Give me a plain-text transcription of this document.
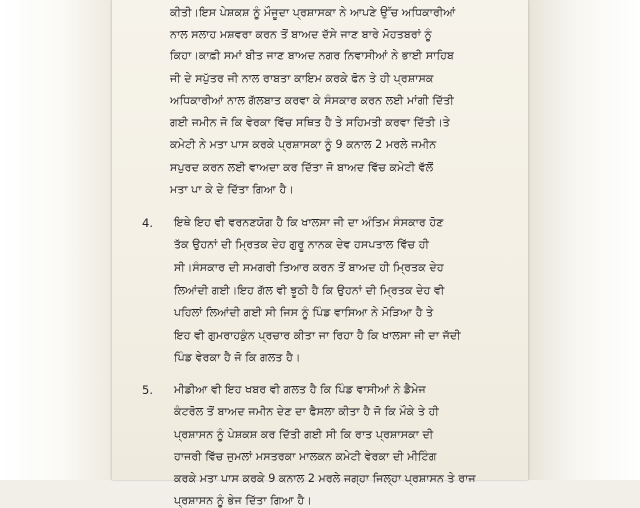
ਕੀਤੀ।ਇਸ ਪੇਸ਼ਕਸ਼ ਨੂੰ ਮੌਜੂਦਾ ਪ੍ਰਸ਼ਾਸਕਾ ਨੇ ਆਪਣੇ ਉੱਚ ਅਧਿਕਾਰੀਆਂ

ਨਾਲ ਸਲਾਹ ਮਸ਼ਵਰਾ ਕਰਨ ਤੋਂ ਬਾਅਦ ਦੱਸੇ ਜਾਣ ਬਾਰੇ ਮੋਹਤਬਰਾਂ ਨੂੰ

ਕਿਹਾ।ਕਾਫ਼ੀ ਸਮਾਂ ਬੀਤ ਜਾਣ ਬਾਅਦ ਨਗਰ ਨਿਵਾਸੀਆਂ ਨੇ ਭਾਈ ਸਾਹਿਬ

ਜੀ ਦੇ ਸਪੁੱਤਰ ਜੀ ਨਾਲ ਰਾਬਤਾ ਕਾਇਮ ਕਰਕੇ ਫੋਨ ਤੇ ਹੀ ਪ੍ਰਸ਼ਾਸਕ

ਅਧਿਕਾਰੀਆਂ ਨਾਲ ਗੱਲਬਾਤ ਕਰਵਾ ਕੇ ਸੰਸਕਾਰ ਕਰਨ ਲਈ ਮਾਂਗੀ ਦਿੱਤੀ

ਗਈ ਜਮੀਨ ਜੋ ਕਿ ਵੇਰਕਾ ਵਿੱਚ ਸਥਿਤ ਹੈ ਤੇ ਸਹਿਮਤੀ ਕਰਵਾ ਦਿੱਤੀ।ਤੇ

ਕਮੇਟੀ ਨੇ ਮਤਾ ਪਾਸ ਕਰਕੇ ਪ੍ਰਸ਼ਾਸਕਾ ਨੂੰ 9 ਕਨਾਲ 2 ਮਰਲੇ ਜਮੀਨ

ਸਪੁਰਦ ਕਰਨ ਲਈ ਵਾਅਦਾ ਕਰ ਦਿੱਤਾ ਜੋ ਬਾਅਦ ਵਿੱਚ ਕਮੇਟੀ ਵੱਲੋਂ

ਮਤਾ ਪਾ ਕੇ ਦੇ ਦਿੱਤਾ ਗਿਆ ਹੈ।

4. ਇਥੇ ਇਹ ਵੀ ਵਰਨਣਯੋਗ ਹੈ ਕਿ ਖਾਲਸਾ ਜੀ ਦਾ ਅੰਤਿਮ ਸੰਸਕਾਰ ਹੋਣ

ਤੱਕ ਉਹਨਾਂ ਦੀ ਮ੍ਰਿਤਕ ਦੇਹ ਗੁਰੂ ਨਾਨਕ ਦੇਵ ਹਸਪਤਾਲ ਵਿੱਚ ਹੀ

ਸੀ।ਸੰਸਕਾਰ ਦੀ ਸਮਗਰੀ ਤਿਆਰ ਕਰਨ ਤੋਂ ਬਾਅਦ ਹੀ ਮ੍ਰਿਤਕ ਦੇਹ

ਲਿਆਂਦੀ ਗਈ।ਇਹ ਗੱਲ ਵੀ ਝੂਠੀ ਹੈ ਕਿ ਉਹਨਾਂ ਦੀ ਮ੍ਰਿਤਕ ਦੇਹ ਵੀ

ਪਹਿਲਾਂ ਲਿਆਂਦੀ ਗਈ ਸੀ ਜਿਸ ਨੂੰ ਪਿੰਡ ਵਾਸਿਆ ਨੇ ਮੋੜਿਆ ਹੈ ਤੇ

ਇਹ ਵੀ ਗੁਮਰਾਹਕੁੰਨ ਪ੍ਰਚਾਰ ਕੀਤਾ ਜਾ ਰਿਹਾ ਹੈ ਕਿ ਖਾਲਸਾ ਜੀ ਦਾ ਜੱਦੀ

ਪਿੰਡ ਵੇਰਕਾ ਹੈ ਜੋ ਕਿ ਗਲਤ ਹੈ।

5. ਮੀਡੀਆ ਵੀ ਇਹ ਖਬਰ ਵੀ ਗਲਤ ਹੈ ਕਿ ਪਿੰਡ ਵਾਸੀਆਂ ਨੇ ਡੈਮੇਜ

ਕੰਟਰੋਲ ਤੋਂ ਬਾਅਦ ਜਮੀਨ ਦੇਣ ਦਾ ਫੈਸਲਾ ਕੀਤਾ ਹੈ ਜੋ ਕਿ ਮੌਕੇ ਤੇ ਹੀ

ਪ੍ਰਸ਼ਾਸਨ ਨੂੰ ਪੇਸ਼ਕਸ਼ ਕਰ ਦਿੱਤੀ ਗਈ ਸੀ ਕਿ ਰਾਤ ਪ੍ਰਸ਼ਾਸਕਾ ਦੀ

ਹਾਜਰੀ ਵਿੱਚ ਜੁਮਲਾਂ ਮਸਤਰਕਾ ਮਾਲਕਨ ਕਮੇਟੀ ਵੇਰਕਾ ਦੀ ਮੀਟਿੰਗ

ਕਰਕੇ ਮਤਾ ਪਾਸ ਕਰਕੇ 9 ਕਨਾਲ 2 ਮਰਲੇ ਜਗ੍ਹਾ ਜਿਲ੍ਹਾ ਪ੍ਰਸ਼ਾਸਨ ਤੇ ਰਾਜ

ਪ੍ਰਸ਼ਾਸਨ ਨੂੰ ਭੇਜ ਦਿੱਤਾ ਗਿਆ ਹੈ।
